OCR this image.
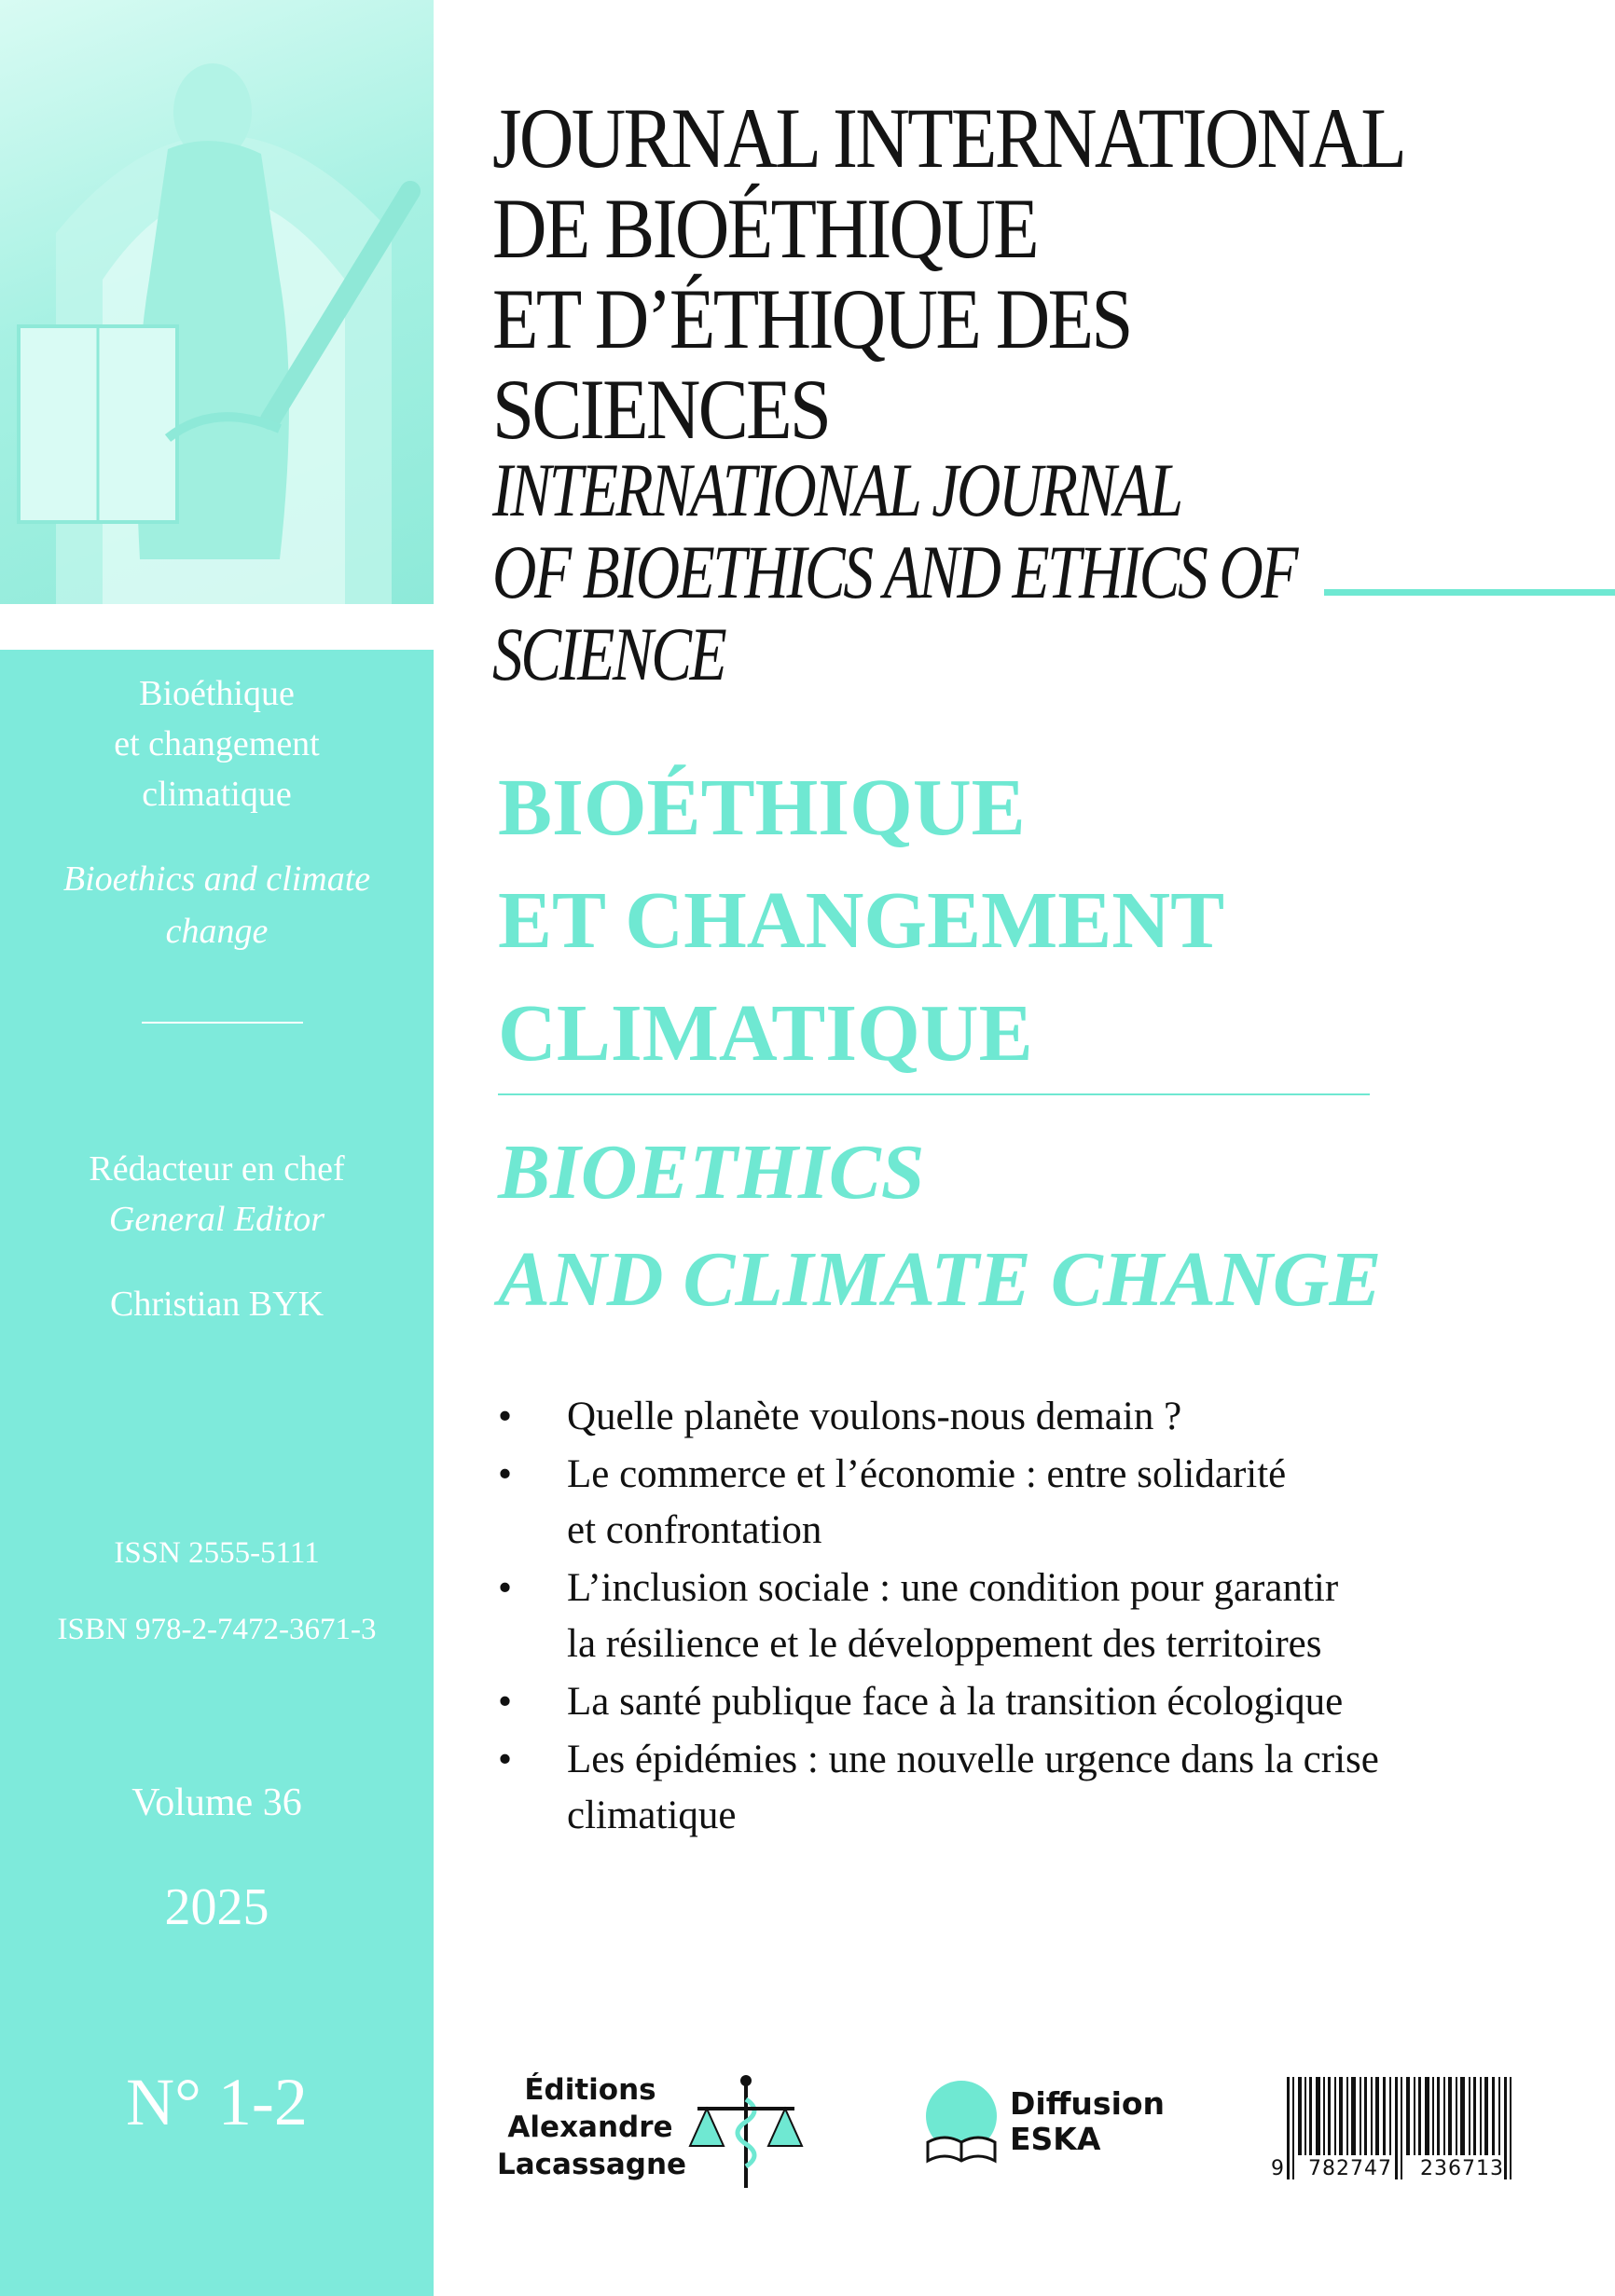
Bioéthique
et changement
climatique
Bioethics and climate
change
Rédacteur en chef
General Editor
Christian BYK
ISSN 2555-5111
ISBN 978-2-7472-3671-3
Volume 36
2025
N° 1-2
JOURNAL INTERNATIONAL
DE BIOÉTHIQUE
ET D’ÉTHIQUE DES SCIENCES
INTERNATIONAL JOURNAL
OF BIOETHICS AND ETHICS OF SCIENCE
BIOÉTHIQUE
ET CHANGEMENT
CLIMATIQUE
BIOETHICS
AND CLIMATE CHANGE
• Quelle planète voulons-nous demain ?
• Le commerce et l’économie : entre solidarité
et confrontation
• L’inclusion sociale : une condition pour garantir
la résilience et le développement des territoires
• La santé publique face à la transition écologique
• Les épidémies : une nouvelle urgence dans la crise
climatique
Éditions
Alexandre
Lacassagne
Diffusion
ESKA
9 782747 236713
